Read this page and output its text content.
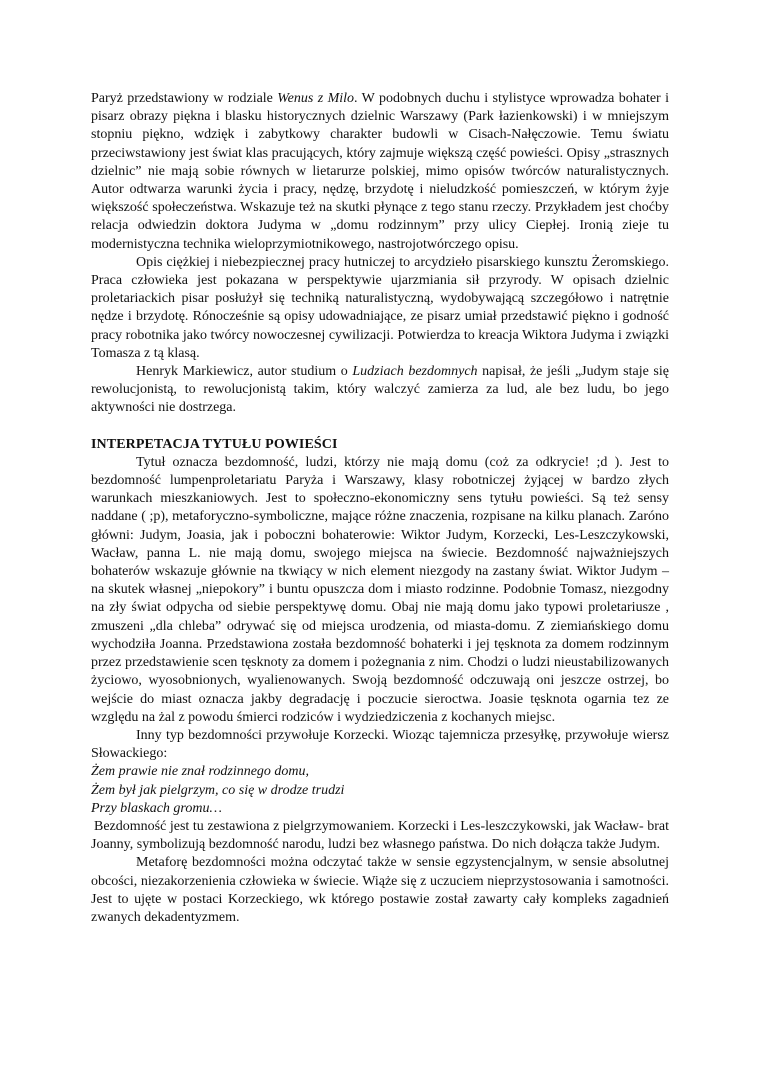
Paryż przedstawiony w rodziale Wenus z Milo. W podobnych duchu i stylistyce wprowadza bohater i pisarz obrazy piękna i blasku historycznych dzielnic Warszawy (Park łazienkowski) i w mniejszym stopniu piękno, wdzięk i zabytkowy charakter budowli w Cisach-Nałęczowie. Temu światu przeciwstawiony jest świat klas pracujących, który zajmuje większą część powieści. Opisy „strasznych dzielnic” nie mają sobie równych w lietarurze polskiej, mimo opisów twórców naturalistycznych. Autor odtwarza warunki życia i pracy, nędzę, brzydotę i nieludzkość pomieszczeń, w którym żyje większość społeczeństwa. Wskazuje też na skutki płynące z tego stanu rzeczy. Przykładem jest choćby relacja odwiedzin doktora Judyma w „domu rodzinnym” przy ulicy Ciepłej. Ironią zieje tu modernistyczna technika wieloprzymiotnikowego, nastrojotwórczego opisu.

Opis ciężkiej i niebezpiecznej pracy hutniczej to arcydzieło pisarskiego kunsztu Żeromskiego. Praca człowieka jest pokazana w perspektywie ujarzmiania sił przyrody. W opisach dzielnic proletariackich pisar posłużył się techniką naturalistyczną, wydobywającą szczegółowo i natrętnie nędze i brzydotę. Rónocześnie są opisy udowadniające, ze pisarz umiał przedstawić piękno i godność pracy robotnika jako twórcy nowoczesnej cywilizacji. Potwierdza to kreacja Wiktora Judyma i związki Tomasza z tą klasą.

Henryk Markiewicz, autor studium o Ludziach bezdomnych napisał, że jeśli „Judym staje się rewolucjonistą, to rewolucjonistą takim, który walczyć zamierza za lud, ale bez ludu, bo jego aktywności nie dostrzega.

INTERPETACJA TYTUŁU POWIEŚCI

Tytuł oznacza bezdomność, ludzi, którzy nie mają domu (coż za odkrycie! ;d ). Jest to bezdomność lumpenproletariatu Paryża i Warszawy, klasy robotniczej żyjącej w bardzo złych warunkach mieszkaniowych. Jest to społeczno-ekonomiczny sens tytułu powieści. Są też sensy naddane ( ;p), metaforyczno-symboliczne, mające różne znaczenia, rozpisane na kilku planach. Zaróno główni: Judym, Joasia, jak i poboczni bohaterowie: Wiktor Judym, Korzecki, Les-Leszczykowski, Wacław, panna L. nie mają domu, swojego miejsca na świecie. Bezdomność najważniejszych bohaterów wskazuje głównie na tkwiący w nich element niezgody na zastany świat. Wiktor Judym – na skutek własnej „niepokory” i buntu opuszcza dom i miasto rodzinne. Podobnie Tomasz, niezgodny na zły świat odpycha od siebie perspektywę domu. Obaj nie mają domu jako typowi proletariusze , zmuszeni „dla chleba” odrywać się od miejsca urodzenia, od miasta-domu. Z ziemiańskiego domu wychodziła Joanna. Przedstawiona została bezdomność bohaterki i jej tęsknota za domem rodzinnym przez przedstawienie scen tęsknoty za domem i pożegnania z nim. Chodzi o ludzi nieustabilizowanych życiowo, wyosobnionych, wyalienowanych. Swoją bezdomność odczuwają oni jeszcze ostrzej, bo wejście do miast oznacza jakby degradację i poczucie sieroctwa. Joasie tęsknota ogarnia tez ze względu na żal z powodu śmierci rodziców i wydziedziczenia z kochanych miejsc.

Inny typ bezdomności przywołuje Korzecki. Wioząc tajemnicza przesyłkę, przywołuje wiersz Słowackiego:

Żem prawie nie znał rodzinnego domu,

Żem był jak pielgrzym, co się w drodze trudzi

Przy blaskach gromu…

Bezdomność jest tu zestawiona z pielgrzymowaniem. Korzecki i Les-leszczykowski, jak Wacław- brat Joanny, symbolizują bezdomność narodu, ludzi bez własnego państwa. Do nich dołącza także Judym.

Metaforę bezdomności można odczytać także w sensie egzystencjalnym, w sensie absolutnej obcości, niezakorzenienia człowieka w świecie. Wiąże się z uczuciem nieprzystosowania i samotności. Jest to ujęte w postaci Korzeckiego, wk którego postawie został zawarty cały kompleks zagadnień zwanych dekadentyzmem.
